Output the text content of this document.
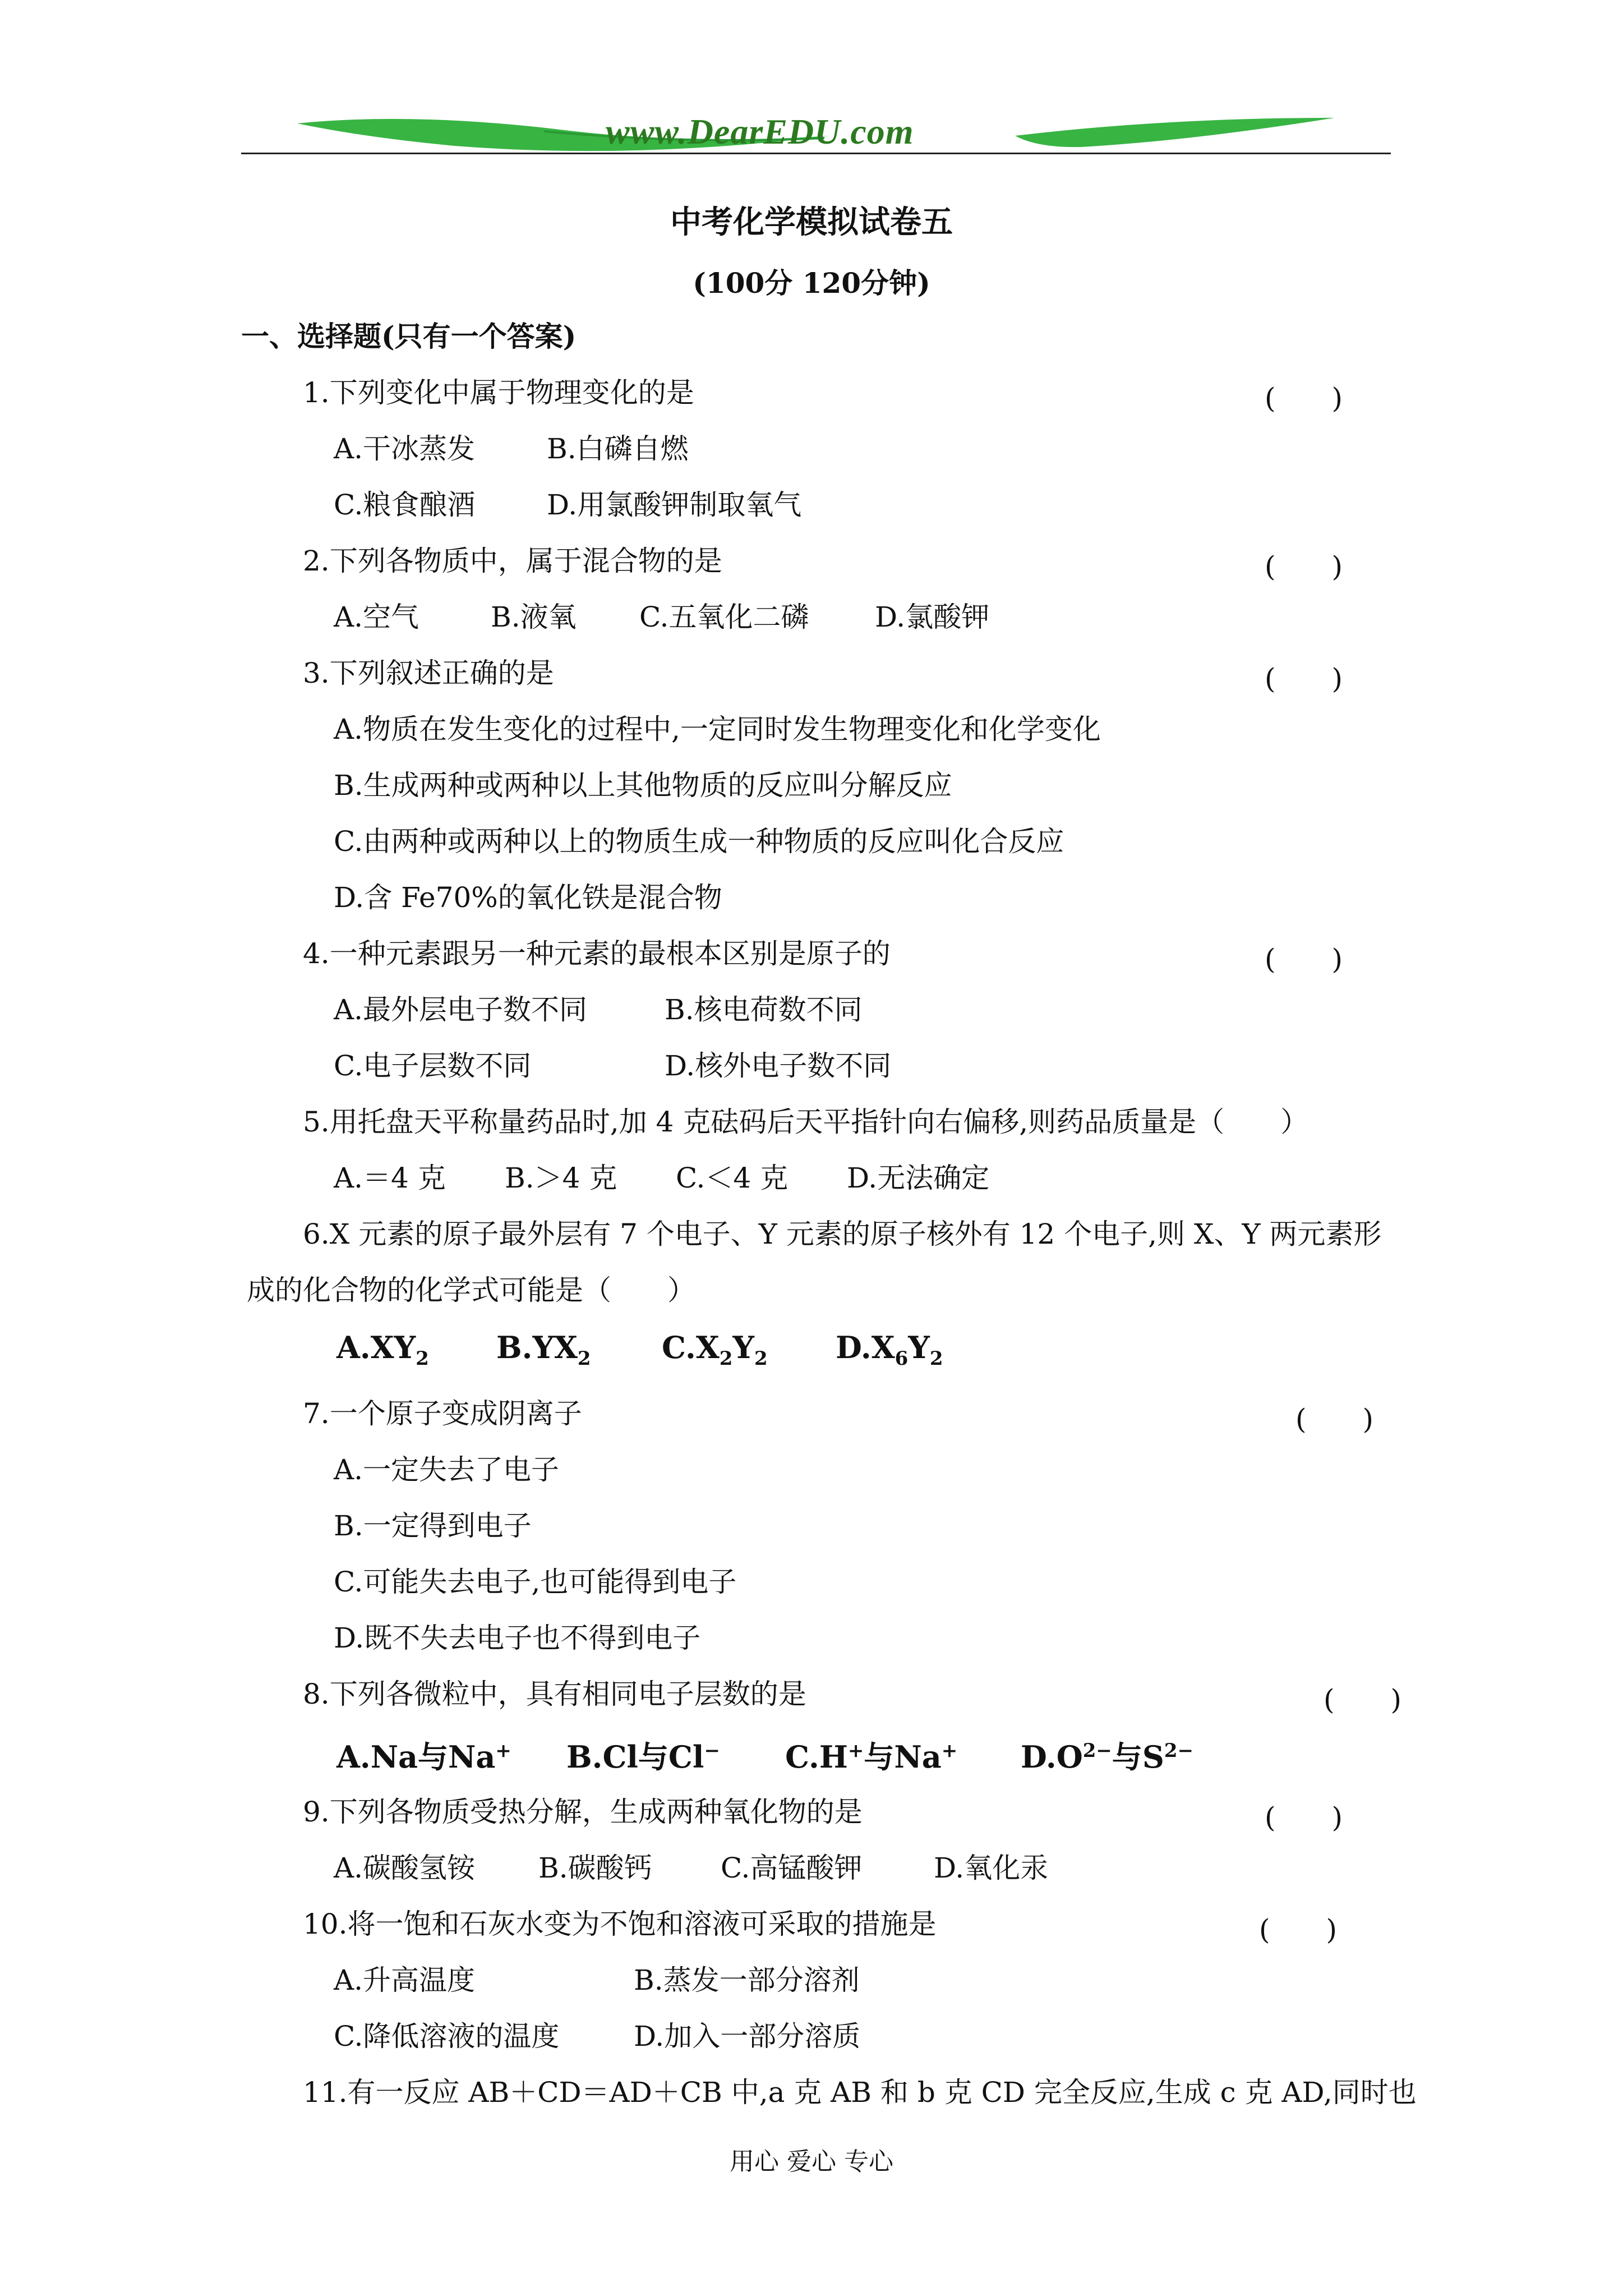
www.DearEDU.com
中考化学模拟试卷五
(100分 120分钟)
一、选择题(只有一个答案)
1.下列变化中属于物理变化的是	(　　)
A.干冰蒸发	B.白磷自燃
C.粮食酿酒	D.用氯酸钾制取氧气
2.下列各物质中，属于混合物的是	(　　)
A.空气	B.液氧 C.五氧化二磷 D.氯酸钾
3.下列叙述正确的是	(　　)
A.物质在发生变化的过程中,一定同时发生物理变化和化学变化
B.生成两种或两种以上其他物质的反应叫分解反应
C.由两种或两种以上的物质生成一种物质的反应叫化合反应
D.含 Fe70%的氧化铁是混合物
4.一种元素跟另一种元素的最根本区别是原子的	(　　)
A.最外层电子数不同	B.核电荷数不同
C.电子层数不同	D.核外电子数不同
5.用托盘天平称量药品时,加 4 克砝码后天平指针向右偏移,则药品质量是（　　）
A.＝4 克 B.＞4 克 C.＜4 克 D.无法确定
6.X 元素的原子最外层有 7 个电子、Y 元素的原子核外有 12 个电子,则 X、Y 两元素形
成的化合物的化学式可能是（　　）
$A.XY_2$ $B.YX_2$ $C.X_2Y_2$ $D.X_6Y_2$
7.一个原子变成阴离子	(　　)
A.一定失去了电子
B.一定得到电子
C.可能失去电子,也可能得到电子
D.既不失去电子也不得到电子
8.下列各微粒中，具有相同电子层数的是	(　　)
A.Na与Na+ B.Cl与Cl− C.H+与Na+ $D.O^{2-}$与$S^{2-}$
9.下列各物质受热分解，生成两种氧化物的是	(　　)
A.碳酸氢铵 B.碳酸钙 C.高锰酸钾	D.氧化汞
10.将一饱和石灰水变为不饱和溶液可采取的措施是	(　　)
A.升高温度	B.蒸发一部分溶剂
C.降低溶液的温度	D.加入一部分溶质
11.有一反应 AB＋CD＝AD＋CB 中,a 克 AB 和 b 克 CD 完全反应,生成 c 克 AD,同时也
用心 爱心 专心
